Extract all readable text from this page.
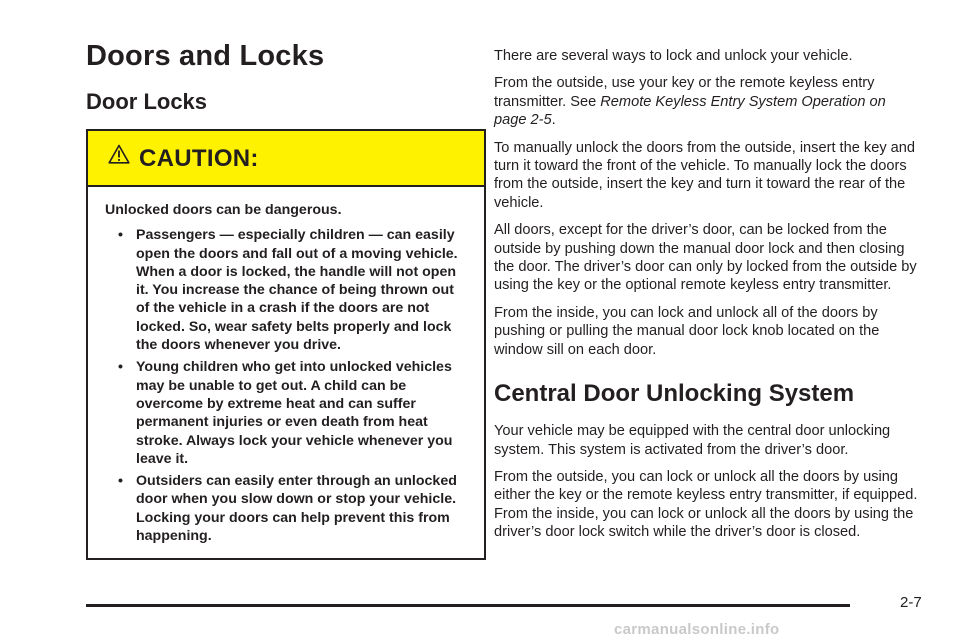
Doors and Locks
Door Locks
CAUTION:

Unlocked doors can be dangerous.

• Passengers — especially children — can easily open the doors and fall out of a moving vehicle. When a door is locked, the handle will not open it. You increase the chance of being thrown out of the vehicle in a crash if the doors are not locked. So, wear safety belts properly and lock the doors whenever you drive.
• Young children who get into unlocked vehicles may be unable to get out. A child can be overcome by extreme heat and can suffer permanent injuries or even death from heat stroke. Always lock your vehicle whenever you leave it.
• Outsiders can easily enter through an unlocked door when you slow down or stop your vehicle. Locking your doors can help prevent this from happening.

There are several ways to lock and unlock your vehicle.

From the outside, use your key or the remote keyless entry transmitter. See Remote Keyless Entry System Operation on page 2-5.

To manually unlock the doors from the outside, insert the key and turn it toward the front of the vehicle. To manually lock the doors from the outside, insert the key and turn it toward the rear of the vehicle.

All doors, except for the driver’s door, can be locked from the outside by pushing down the manual door lock and then closing the door. The driver’s door can only by locked from the outside by using the key or the optional remote keyless entry transmitter.

From the inside, you can lock and unlock all of the doors by pushing or pulling the manual door lock knob located on the window sill on each door.

Central Door Unlocking System

Your vehicle may be equipped with the central door unlocking system. This system is activated from the driver’s door.

From the outside, you can lock or unlock all the doors by using either the key or the remote keyless entry transmitter, if equipped. From the inside, you can lock or unlock all the doors by using the driver’s door lock switch while the driver’s door is closed.

2-7
carmanualsonline.info
